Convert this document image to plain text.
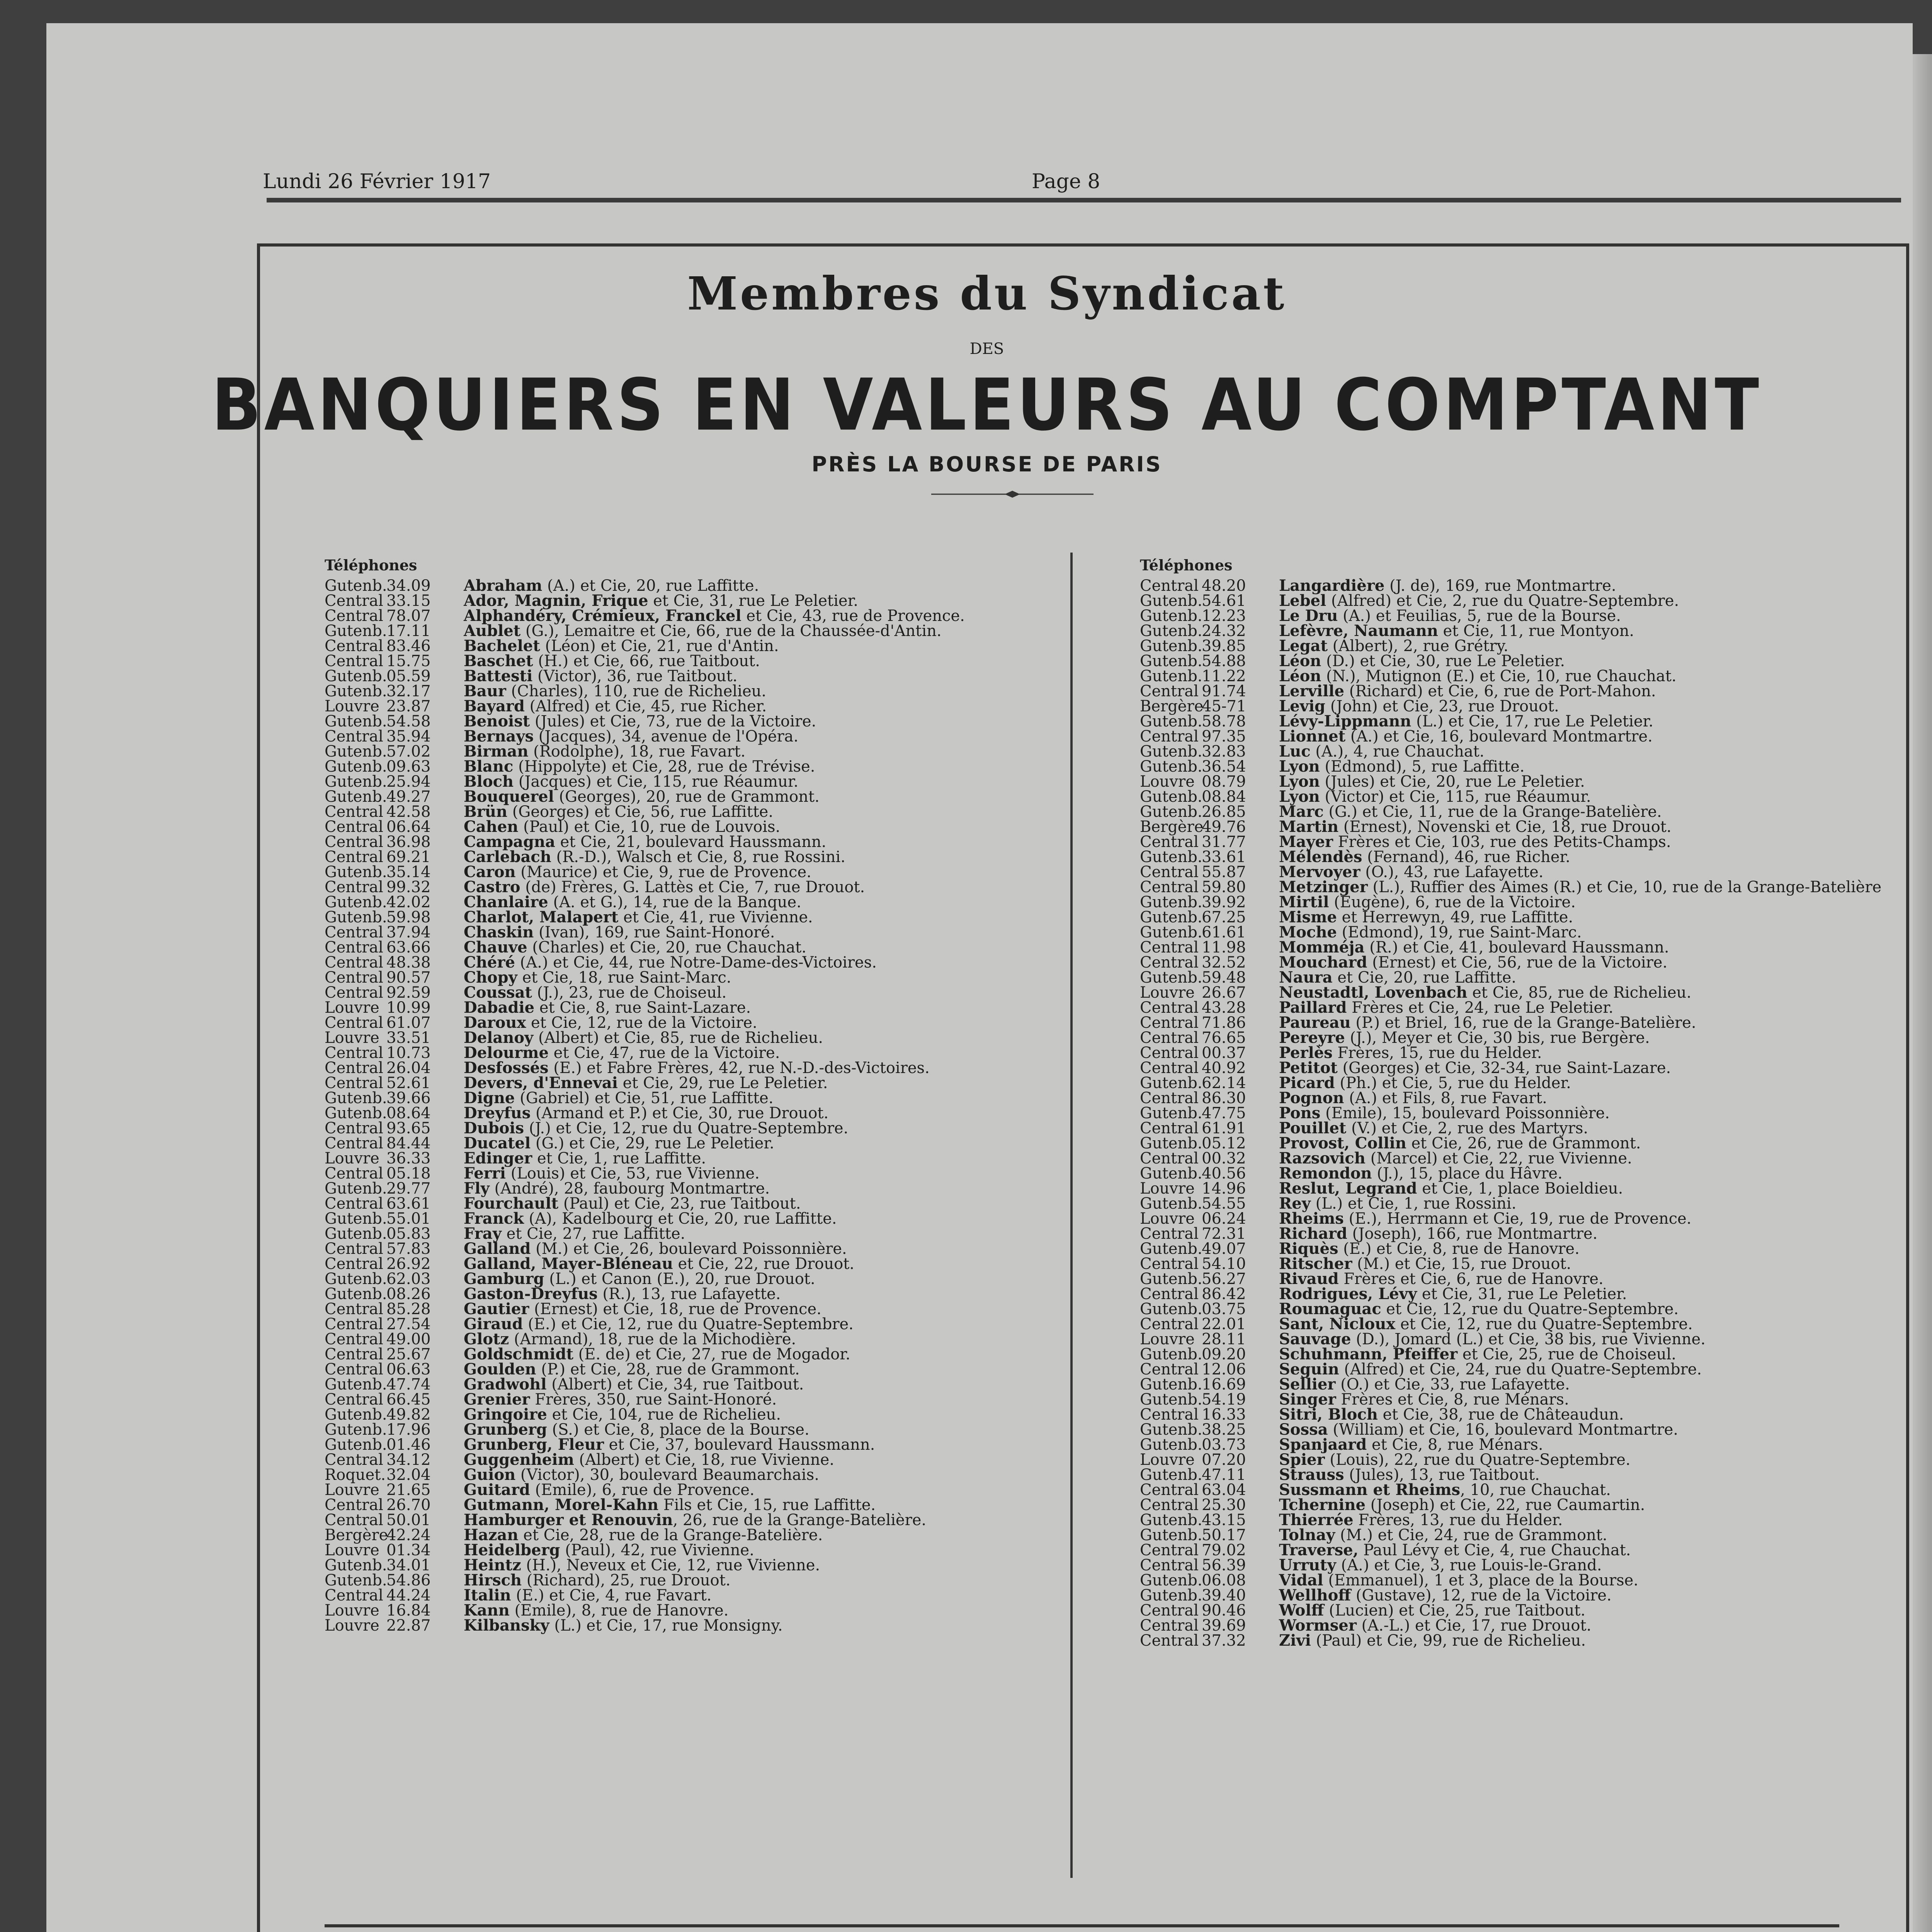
Lundi 26 Février 1917	Page 8
Membres du Syndicat
DES
BANQUIERS EN VALEURS AU COMPTANT
PRÈS LA BOURSE DE PARIS
Téléphones
Gutenb.34.09 Abraham (A.) et Cie, 20, rue Laffitte.
Central 33.15 Ador, Magnin, Frique et Cie, 31, rue Le Peletier.
Central 78.07 Alphandéry, Crémieux, Franckel et Cie, 43, rue de Provence.
Gutenb.17.11 Aublet (G.), Lemaitre et Cie, 66, rue de la Chaussée-d'Antin.
Central 83.46 Bachelet (Léon) et Cie, 21, rue d'Antin.
Central 15.75 Baschet (H.) et Cie, 66, rue Taitbout.
Gutenb.05.59 Battesti (Victor), 36, rue Taitbout.
Gutenb.32.17 Baur (Charles), 110, rue de Richelieu.
Louvre 23.87 Bayard (Alfred) et Cie, 45, rue Richer.
Gutenb.54.58 Benoist (Jules) et Cie, 73, rue de la Victoire.
Central 35.94 Bernays (Jacques), 34, avenue de l'Opéra.
Gutenb.57.02 Birman (Rodolphe), 18, rue Favart.
Gutenb.09.63 Blanc (Hippolyte) et Cie, 28, rue de Trévise.
Gutenb.25.94 Bloch (Jacques) et Cie, 115, rue Réaumur.
Gutenb.49.27 Bouquerel (Georges), 20, rue de Grammont.
Central 42.58 Brün (Georges) et Cie, 56, rue Laffitte.
Central 06.64 Cahen (Paul) et Cie, 10, rue de Louvois.
Central 36.98 Campagna et Cie, 21, boulevard Haussmann.
Central 69.21 Carlebach (R.-D.), Walsch et Cie, 8, rue Rossini.
Gutenb.35.14 Caron (Maurice) et Cie, 9, rue de Provence.
Central 99.32 Castro (de) Frères, G. Lattès et Cie, 7, rue Drouot.
Gutenb.42.02 Chanlaire (A. et G.), 14, rue de la Banque.
Gutenb.59.98 Charlot, Malapert et Cie, 41, rue Vivienne.
Central 37.94 Chaskin (Ivan), 169, rue Saint-Honoré.
Central 63.66 Chauve (Charles) et Cie, 20, rue Chauchat.
Central 48.38 Chéré (A.) et Cie, 44, rue Notre-Dame-des-Victoires.
Central 90.57 Chopy et Cie, 18, rue Saint-Marc.
Central 92.59 Coussat (J.), 23, rue de Choiseul.
Louvre 10.99 Dabadie et Cie, 8, rue Saint-Lazare.
Central 61.07 Daroux et Cie, 12, rue de la Victoire.
Louvre 33.51 Delanoy (Albert) et Cie, 85, rue de Richelieu.
Central 10.73 Delourme et Cie, 47, rue de la Victoire.
Central 26.04 Desfossés (E.) et Fabre Frères, 42, rue N.-D.-des-Victoires.
Central 52.61 Devers, d'Ennevai et Cie, 29, rue Le Peletier.
Gutenb.39.66 Digne (Gabriel) et Cie, 51, rue Laffitte.
Gutenb.08.64 Dreyfus (Armand et P.) et Cie, 30, rue Drouot.
Central 93.65 Dubois (J.) et Cie, 12, rue du Quatre-Septembre.
Central 84.44 Ducatel (G.) et Cie, 29, rue Le Peletier.
Louvre 36.33 Edinger et Cie, 1, rue Laffitte.
Central 05.18 Ferri (Louis) et Cie, 53, rue Vivienne.
Gutenb.29.77 Fly (André), 28, faubourg Montmartre.
Central 63.61 Fourchault (Paul) et Cie, 23, rue Taitbout.
Gutenb.55.01 Franck (A), Kadelbourg et Cie, 20, rue Laffitte.
Gutenb.05.83 Fray et Cie, 27, rue Laffitte.
Central 57.83 Galland (M.) et Cie, 26, boulevard Poissonnière.
Central 26.92 Galland, Mayer-Bléneau et Cie, 22, rue Drouot.
Gutenb.62.03 Gamburg (L.) et Canon (E.), 20, rue Drouot.
Gutenb.08.26 Gaston-Dreyfus (R.), 13, rue Lafayette.
Central 85.28 Gautier (Ernest) et Cie, 18, rue de Provence.
Central 27.54 Giraud (E.) et Cie, 12, rue du Quatre-Septembre.
Central 49.00 Glotz (Armand), 18, rue de la Michodière.
Central 25.67 Goldschmidt (E. de) et Cie, 27, rue de Mogador.
Central 06.63 Goulden (P.) et Cie, 28, rue de Grammont.
Gutenb.47.74 Gradwohl (Albert) et Cie, 34, rue Taitbout.
Central 66.45 Grenier Frères, 350, rue Saint-Honoré.
Gutenb.49.82 Gringoire et Cie, 104, rue de Richelieu.
Gutenb.17.96 Grunberg (S.) et Cie, 8, place de la Bourse.
Gutenb.01.46 Grunberg, Fleur et Cie, 37, boulevard Haussmann.
Central 34.12 Guggenheim (Albert) et Cie, 18, rue Vivienne.
Roquet.32.04 Guion (Victor), 30, boulevard Beaumarchais.
Louvre 21.65 Guitard (Emile), 6, rue de Provence.
Central 26.70 Gutmann, Morel-Kahn Fils et Cie, 15, rue Laffitte.
Central 50.01 Hamburger et Renouvin, 26, rue de la Grange-Batelière.
Bergère42.24 Hazan et Cie, 28, rue de la Grange-Batelière.
Louvre 01.34 Heidelberg (Paul), 42, rue Vivienne.
Gutenb.34.01 Heintz (H.), Neveux et Cie, 12, rue Vivienne.
Gutenb.54.86 Hirsch (Richard), 25, rue Drouot.
Central 44.24 Italin (E.) et Cie, 4, rue Favart.
Louvre 16.84 Kann (Emile), 8, rue de Hanovre.
Louvre 22.87 Kilbansky (L.) et Cie, 17, rue Monsigny.
Téléphones
Central 48.20 Langardière (J. de), 169, rue Montmartre.
Gutenb.54.61 Lebel (Alfred) et Cie, 2, rue du Quatre-Septembre.
Gutenb.12.23 Le Dru (A.) et Feuilias, 5, rue de la Bourse.
Gutenb.24.32 Lefèvre, Naumann et Cie, 11, rue Montyon.
Gutenb.39.85 Legat (Albert), 2, rue Grétry.
Gutenb.54.88 Léon (D.) et Cie, 30, rue Le Peletier.
Gutenb.11.22 Léon (N.), Mutignon (E.) et Cie, 10, rue Chauchat.
Central 91.74 Lerville (Richard) et Cie, 6, rue de Port-Mahon.
Bergère45-71 Levig (John) et Cie, 23, rue Drouot.
Gutenb.58.78 Lévy-Lippmann (L.) et Cie, 17, rue Le Peletier.
Central 97.35 Lionnet (A.) et Cie, 16, boulevard Montmartre.
Gutenb.32.83 Luc (A.), 4, rue Chauchat.
Gutenb.36.54 Lyon (Edmond), 5, rue Laffitte.
Louvre 08.79 Lyon (Jules) et Cie, 20, rue Le Peletier.
Gutenb.08.84 Lyon (Victor) et Cie, 115, rue Réaumur.
Gutenb.26.85 Marc (G.) et Cie, 11, rue de la Grange-Batelière.
Bergère49.76 Martin (Ernest), Novenski et Cie, 18, rue Drouot.
Central 31.77 Mayer Frères et Cie, 103, rue des Petits-Champs.
Gutenb.33.61 Mélendès (Fernand), 46, rue Richer.
Central 55.87 Mervoyer (O.), 43, rue Lafayette.
Central 59.80 Metzinger (L.), Ruffier des Aimes (R.) et Cie, 10, rue de la Grange-Batelière
Gutenb.39.92 Mirtil (Eugène), 6, rue de la Victoire.
Gutenb.67.25 Misme et Herrewyn, 49, rue Laffitte.
Gutenb.61.61 Moche (Edmond), 19, rue Saint-Marc.
Central 11.98 Momméja (R.) et Cie, 41, boulevard Haussmann.
Central 32.52 Mouchard (Ernest) et Cie, 56, rue de la Victoire.
Gutenb.59.48 Naura et Cie, 20, rue Laffitte.
Louvre 26.67 Neustadtl, Lovenbach et Cie, 85, rue de Richelieu.
Central 43.28 Paillard Frères et Cie, 24, rue Le Peletier.
Central 71.86 Paureau (P.) et Briel, 16, rue de la Grange-Batelière.
Central 76.65 Pereyre (J.), Meyer et Cie, 30 bis, rue Bergère.
Central 00.37 Perlès Frères, 15, rue du Helder.
Central 40.92 Petitot (Georges) et Cie, 32-34, rue Saint-Lazare.
Gutenb.62.14 Picard (Ph.) et Cie, 5, rue du Helder.
Central 86.30 Pognon (A.) et Fils, 8, rue Favart.
Gutenb.47.75 Pons (Emile), 15, boulevard Poissonnière.
Central 61.91 Pouillet (V.) et Cie, 2, rue des Martyrs.
Gutenb.05.12 Provost, Collin et Cie, 26, rue de Grammont.
Central 00.32 Razsovich (Marcel) et Cie, 22, rue Vivienne.
Gutenb.40.56 Remondon (J.), 15, place du Hâvre.
Louvre 14.96 Reslut, Legrand et Cie, 1, place Boieldieu.
Gutenb.54.55 Rey (L.) et Cie, 1, rue Rossini.
Louvre 06.24 Rheims (E.), Herrmann et Cie, 19, rue de Provence.
Central 72.31 Richard (Joseph), 166, rue Montmartre.
Gutenb.49.07 Riquès (E.) et Cie, 8, rue de Hanovre.
Central 54.10 Ritscher (M.) et Cie, 15, rue Drouot.
Gutenb.56.27 Rivaud Frères et Cie, 6, rue de Hanovre.
Central 86.42 Rodrigues, Lévy et Cie, 31, rue Le Peletier.
Gutenb.03.75 Roumaguac et Cie, 12, rue du Quatre-Septembre.
Central 22.01 Sant, Nicloux et Cie, 12, rue du Quatre-Septembre.
Louvre 28.11 Sauvage (D.), Jomard (L.) et Cie, 38 bis, rue Vivienne.
Gutenb.09.20 Schuhmann, Pfeiffer et Cie, 25, rue de Choiseul.
Central 12.06 Seguin (Alfred) et Cie, 24, rue du Quatre-Septembre.
Gutenb.16.69 Sellier (O.) et Cie, 33, rue Lafayette.
Gutenb.54.19 Singer Frères et Cie, 8, rue Ménars.
Central 16.33 Sitri, Bloch et Cie, 38, rue de Châteaudun.
Gutenb.38.25 Sossa (William) et Cie, 16, boulevard Montmartre.
Gutenb.03.73 Spanjaard et Cie, 8, rue Ménars.
Louvre 07.20 Spier (Louis), 22, rue du Quatre-Septembre.
Gutenb.47.11 Strauss (Jules), 13, rue Taitbout.
Central 63.04 Sussmann et Rheims, 10, rue Chauchat.
Central 25.30 Tchernine (Joseph) et Cie, 22, rue Caumartin.
Gutenb.43.15 Thierrée Frères, 13, rue du Helder.
Gutenb.50.17 Tolnay (M.) et Cie, 24, rue de Grammont.
Central 79.02 Traverse, Paul Lévy et Cie, 4, rue Chauchat.
Central 56.39 Urruty (A.) et Cie, 3, rue Louis-le-Grand.
Gutenb.06.08 Vidal (Emmanuel), 1 et 3, place de la Bourse.
Gutenb.39.40 Wellhoff (Gustave), 12, rue de la Victoire.
Central 90.46 Wolff (Lucien) et Cie, 25, rue Taitbout.
Central 39.69 Wormser (A.-L.) et Cie, 17, rue Drouot.
Central 37.32 Zivi (Paul) et Cie, 99, rue de Richelieu.
